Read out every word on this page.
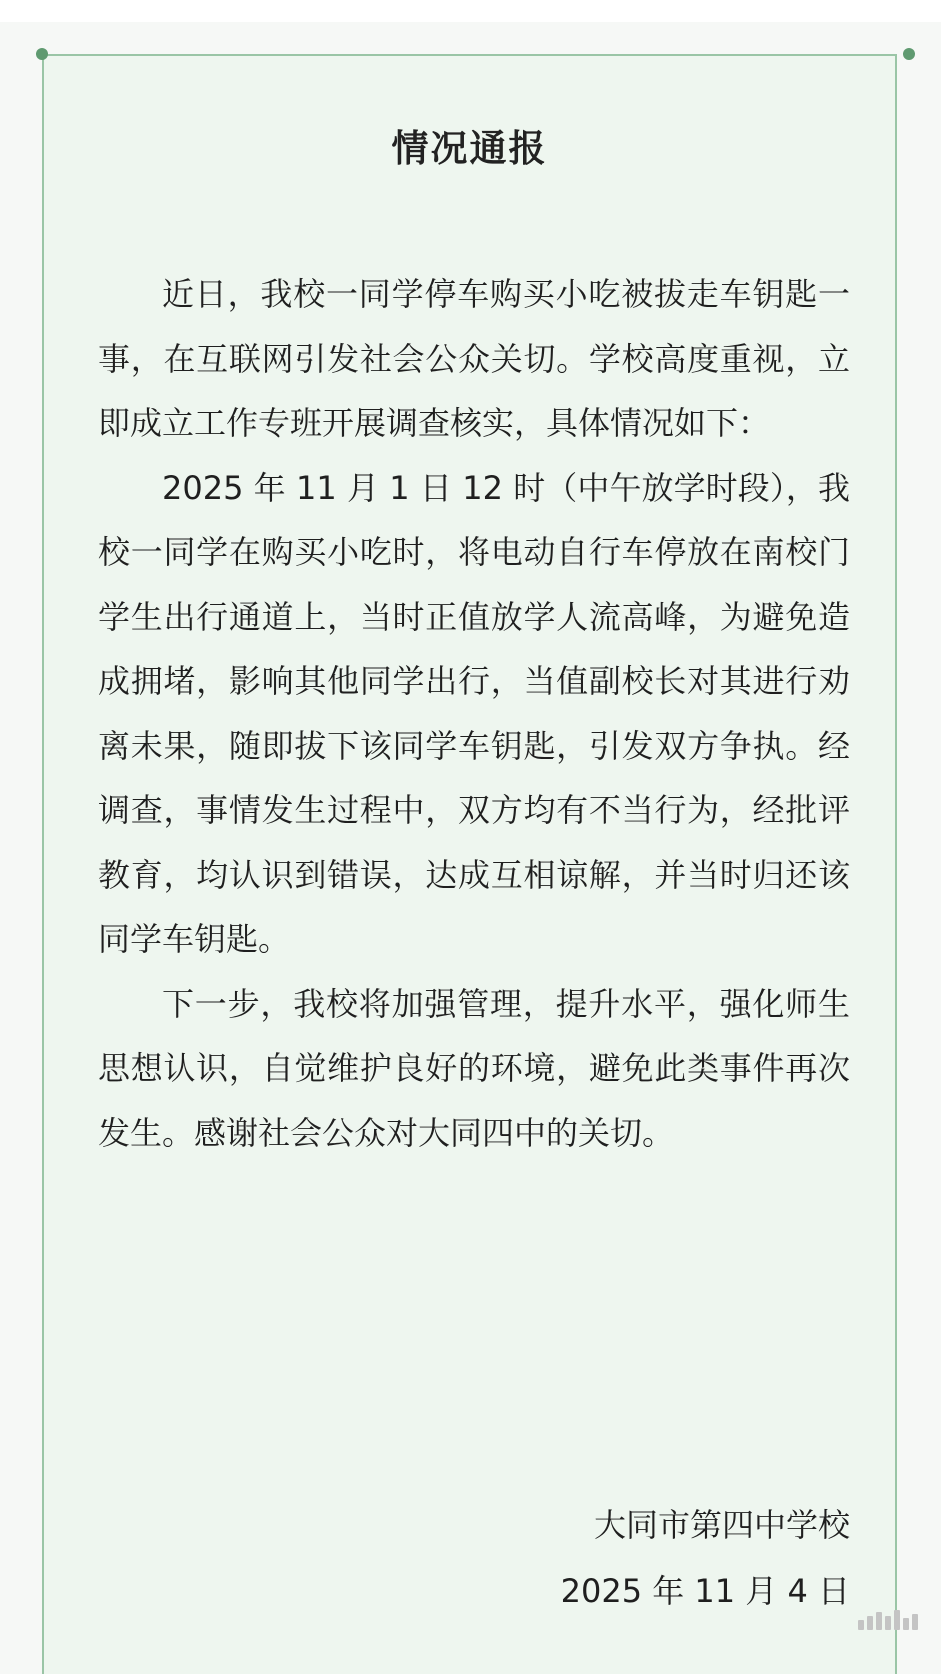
情况通报

近日，我校一同学停车购买小吃被拔走车钥匙一事，在互联网引发社会公众关切。学校高度重视，立即成立工作专班开展调查核实，具体情况如下：

2025 年 11 月 1 日 12 时（中午放学时段），我校一同学在购买小吃时，将电动自行车停放在南校门学生出行通道上，当时正值放学人流高峰，为避免造成拥堵，影响其他同学出行，当值副校长对其进行劝离未果，随即拔下该同学车钥匙，引发双方争执。经调查，事情发生过程中，双方均有不当行为，经批评教育，均认识到错误，达成互相谅解，并当时归还该同学车钥匙。

下一步，我校将加强管理，提升水平，强化师生思想认识，自觉维护良好的环境，避免此类事件再次发生。感谢社会公众对大同四中的关切。

大同市第四中学校
2025 年 11 月 4 日
